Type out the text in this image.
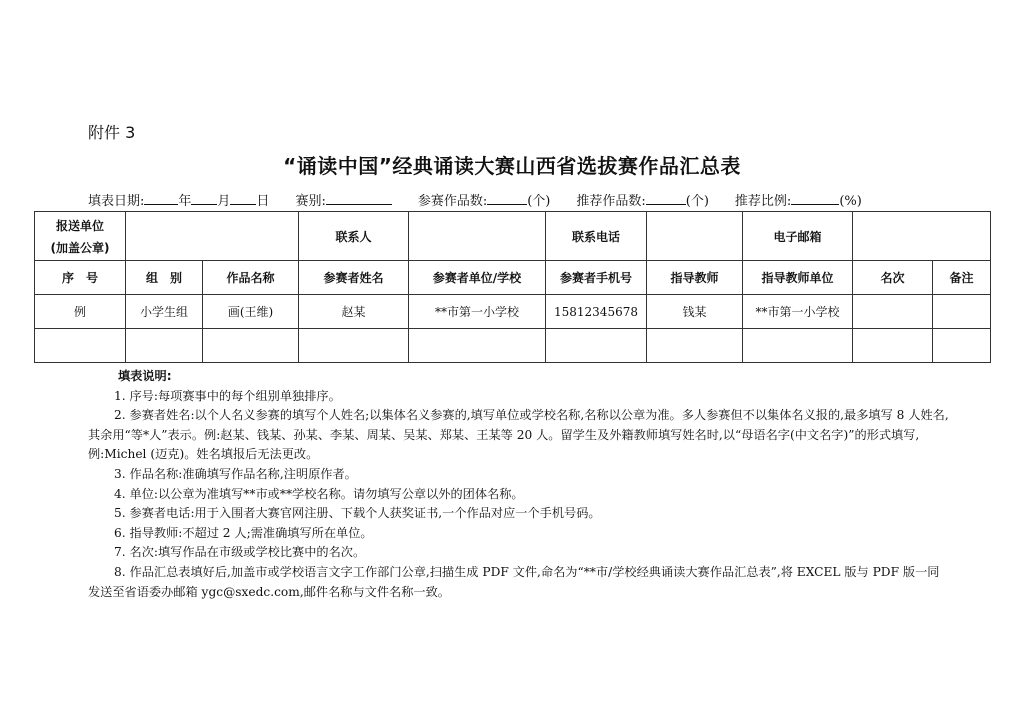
附件 3
“诵读中国”经典诵读大赛山西省选拔赛作品汇总表
填表日期:	年 月 日 赛别:	参赛作品数:	(个) 推荐作品数:	(个) 推荐比例:	(%)
报送单位
(加盖公章)			联系人		联系电话		电子邮箱		
序　号	组　别	作品名称	参赛者姓名	参赛者单位/学校	参赛者手机号	指导教师	指导教师单位	名次	备注
例	小学生组	画(王维)	赵某	**市第一小学校	15812345678	钱某	**市第一小学校		

填表说明:

1. 序号:每项赛事中的每个组别单独排序。

2. 参赛者姓名:以个人名义参赛的填写个人姓名;以集体名义参赛的,填写单位或学校名称,名称以公章为准。多人参赛但不以集体名义报的,最多填写 8 人姓名,其余用“等*人”表示。例:赵某、钱某、孙某、李某、周某、吴某、郑某、王某等 20 人。留学生及外籍教师填写姓名时,以“母语名字(中文名字)”的形式填写,例:Michel (迈克)。姓名填报后无法更改。

3. 作品名称:准确填写作品名称,注明原作者。

4. 单位:以公章为准填写**市或**学校名称。请勿填写公章以外的团体名称。

5. 参赛者电话:用于入围者大赛官网注册、下载个人获奖证书,一个作品对应一个手机号码。

6. 指导教师:不超过 2 人;需准确填写所在单位。

7. 名次:填写作品在市级或学校比赛中的名次。

8. 作品汇总表填好后,加盖市或学校语言文字工作部门公章,扫描生成 PDF 文件,命名为“**市/学校经典诵读大赛作品汇总表”,将 EXCEL 版与 PDF 版一同发送至省语委办邮箱 ygc@sxedc.com,邮件名称与文件名称一致。
